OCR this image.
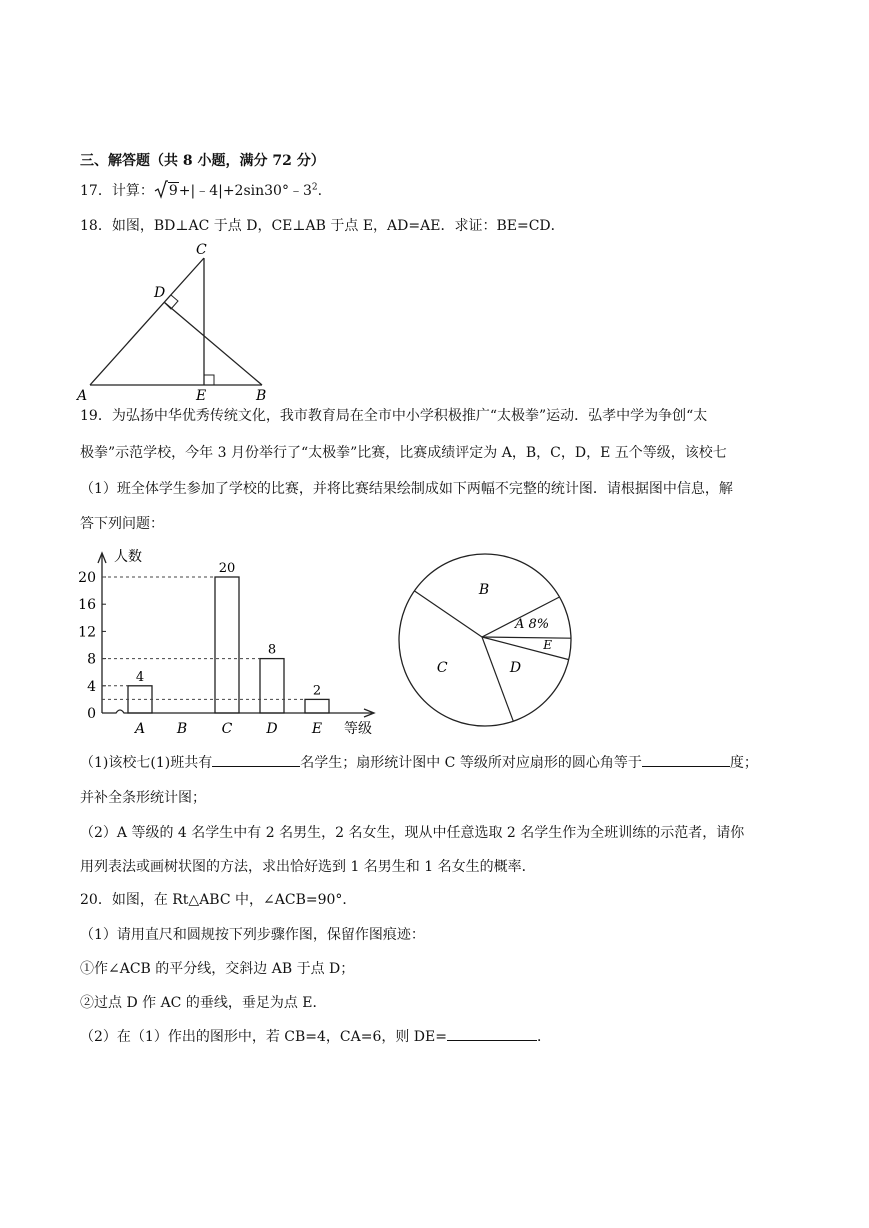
三、解答题（共 8 小题，满分 72 分）
17．计算： $9+|﹣4|+2\sin 30^\circ﹣3^2$.
18．如图，BD⊥AC 于点 D，CE⊥AB 于点 E，AD=AE．求证：BE=CD．
C
D
A	E	B
19．为弘扬中华优秀传统文化，我市教育局在全市中小学积极推广“太极拳”运动．弘孝中学为争创“太
极拳”示范学校，今年 3 月份举行了“太极拳”比赛，比赛成绩评定为 A，B，C，D，E 五个等级，该校七
（1）班全体学生参加了学校的比赛，并将比赛结果绘制成如下两幅不完整的统计图．请根据图中信息，解
答下列问题：
人数
等级
0
4
8
12
16
20
A
4
B C
20
D
8
E
2
B
A 8%
E
D
C
（1)该校七(1)班共有	名学生；扇形统计图中 C 等级所对应扇形的圆心角等于	度；
并补全条形统计图；
（2）A 等级的 4 名学生中有 2 名男生，2 名女生，现从中任意选取 2 名学生作为全班训练的示范者，请你
用列表法或画树状图的方法，求出恰好选到 1 名男生和 1 名女生的概率．
20．如图，在 Rt△ABC 中，∠ACB=90°．
（1）请用直尺和圆规按下列步骤作图，保留作图痕迹：
①作∠ACB 的平分线，交斜边 AB 于点 D；
②过点 D 作 AC 的垂线，垂足为点 E．
（2）在（1）作出的图形中，若 CB=4，CA=6，则 DE=	．
